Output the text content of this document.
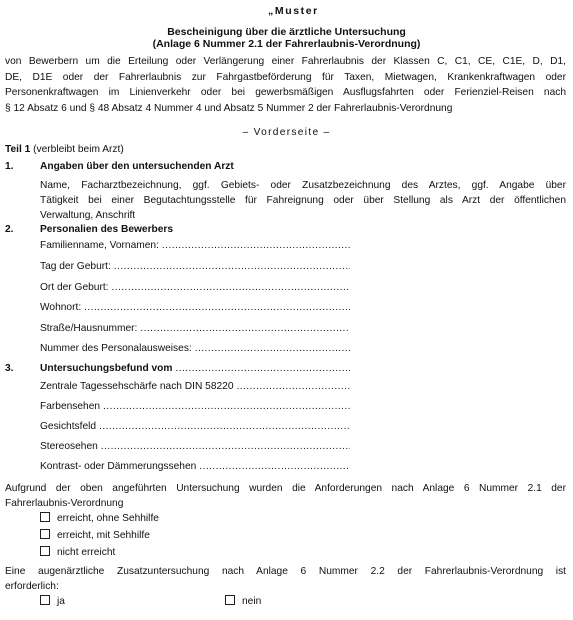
„Muster
Bescheinigung über die ärztliche Untersuchung
(Anlage 6 Nummer 2.1 der Fahrerlaubnis-Verordnung)
von Bewerbern um die Erteilung oder Verlängerung einer Fahrerlaubnis der Klassen C, C1, CE, C1E, D, D1,
DE, D1E oder der Fahrerlaubnis zur Fahrgastbeförderung für Taxen, Mietwagen, Krankenkraftwagen oder
Personenkraftwagen im Linienverkehr oder bei gewerbsmäßigen Ausflugsfahrten oder Ferienziel-Reisen nach
§ 12 Absatz 6 und § 48 Absatz 4 Nummer 4 und Absatz 5 Nummer 2 der Fahrerlaubnis-Verordnung
– Vorderseite –
Teil 1 (verbleibt beim Arzt)
1.	Angaben über den untersuchenden Arzt
Name, Facharztbezeichnung, ggf. Gebiets- oder Zusatzbezeichnung des Arztes, ggf. Angabe über
Tätigkeit bei einer Begutachtungsstelle für Fahreignung oder über Stellung als Arzt der öffentlichen
Verwaltung, Anschrift
2.	Personalien des Bewerbers
Familienname, Vornamen:
. . .
Tag der Geburt:
. . .
Ort der Geburt:
. . .
Wohnort:
. . .
Straße/Hausnummer:
. . .
Nummer des Personalausweises:
. . .
3.	Untersuchungsbefund vom
. . .
Zentrale Tagessehschärfe nach DIN 58220
. . .
Farbensehen
. . .
Gesichtsfeld
. . .
Stereosehen
. . .
Kontrast- oder Dämmerungssehen
. . .
Aufgrund der oben angeführten Untersuchung wurden die Anforderungen nach Anlage 6 Nummer 2.1 der
Fahrerlaubnis-Verordnung
erreicht, ohne Sehhilfe
erreicht, mit Sehhilfe
nicht erreicht
Eine augenärztliche Zusatzuntersuchung nach Anlage 6 Nummer 2.2 der Fahrerlaubnis-Verordnung ist
erforderlich:
ja	nein
